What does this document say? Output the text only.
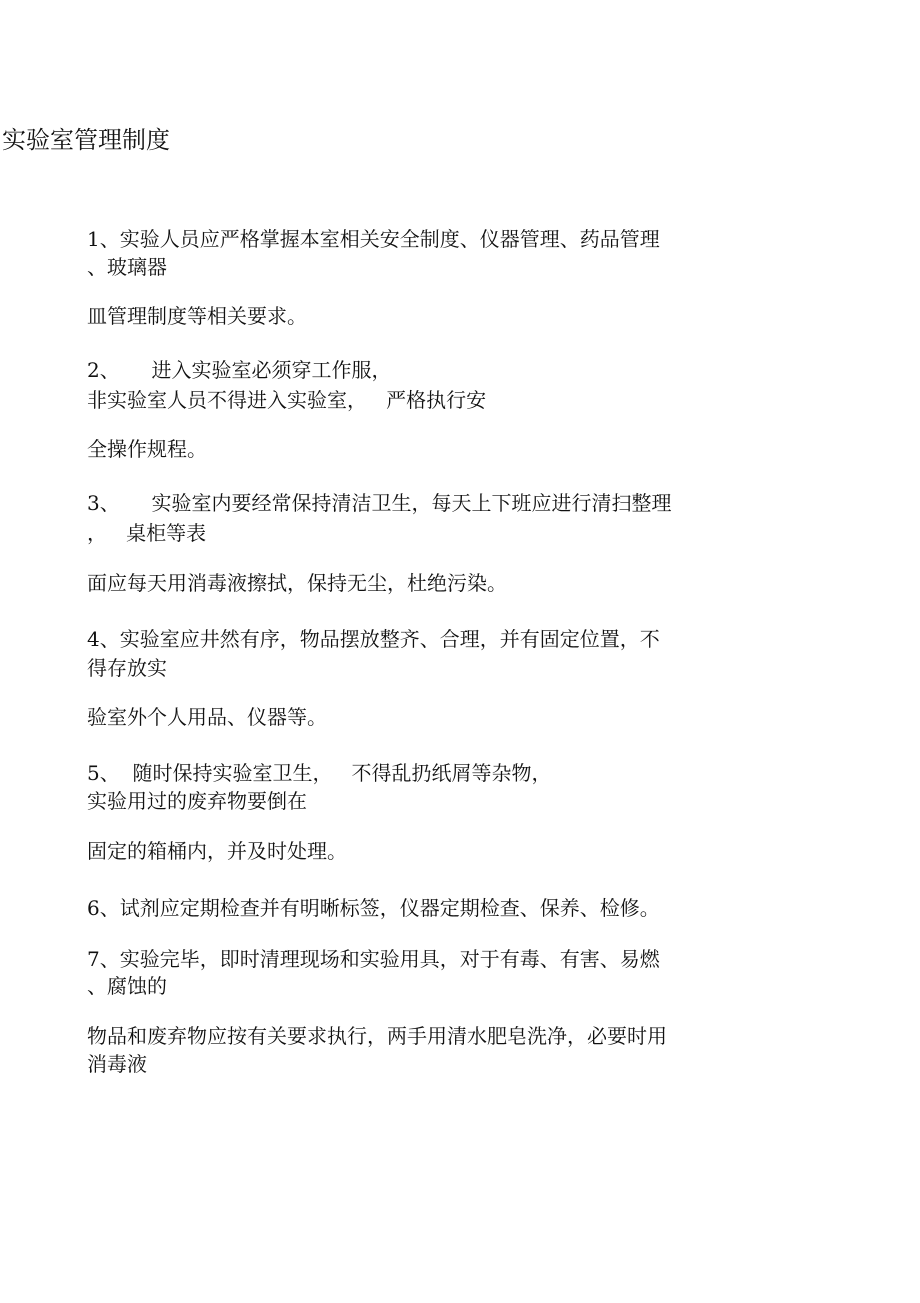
实验室管理制度
1、实验人员应严格掌握本室相关安全制度、仪器管理、药品管理
、玻璃器
皿管理制度等相关要求。
2、     进入实验室必须穿工作服，
非实验室人员不得进入实验室，   严格执行安
全操作规程。
3、     实验室内要经常保持清洁卫生，每天上下班应进行清扫整理
，   桌柜等表
面应每天用消毒液擦拭，保持无尘，杜绝污染。
4、实验室应井然有序，物品摆放整齐、合理，并有固定位置，不
得存放实
验室外个人用品、仪器等。
5、  随时保持实验室卫生，   不得乱扔纸屑等杂物，
实验用过的废弃物要倒在
固定的箱桶内，并及时处理。
6、试剂应定期检查并有明晰标签，仪器定期检查、保养、检修。
7、实验完毕，即时清理现场和实验用具，对于有毒、有害、易燃
、腐蚀的
物品和废弃物应按有关要求执行，两手用清水肥皂洗净，必要时用
消毒液
